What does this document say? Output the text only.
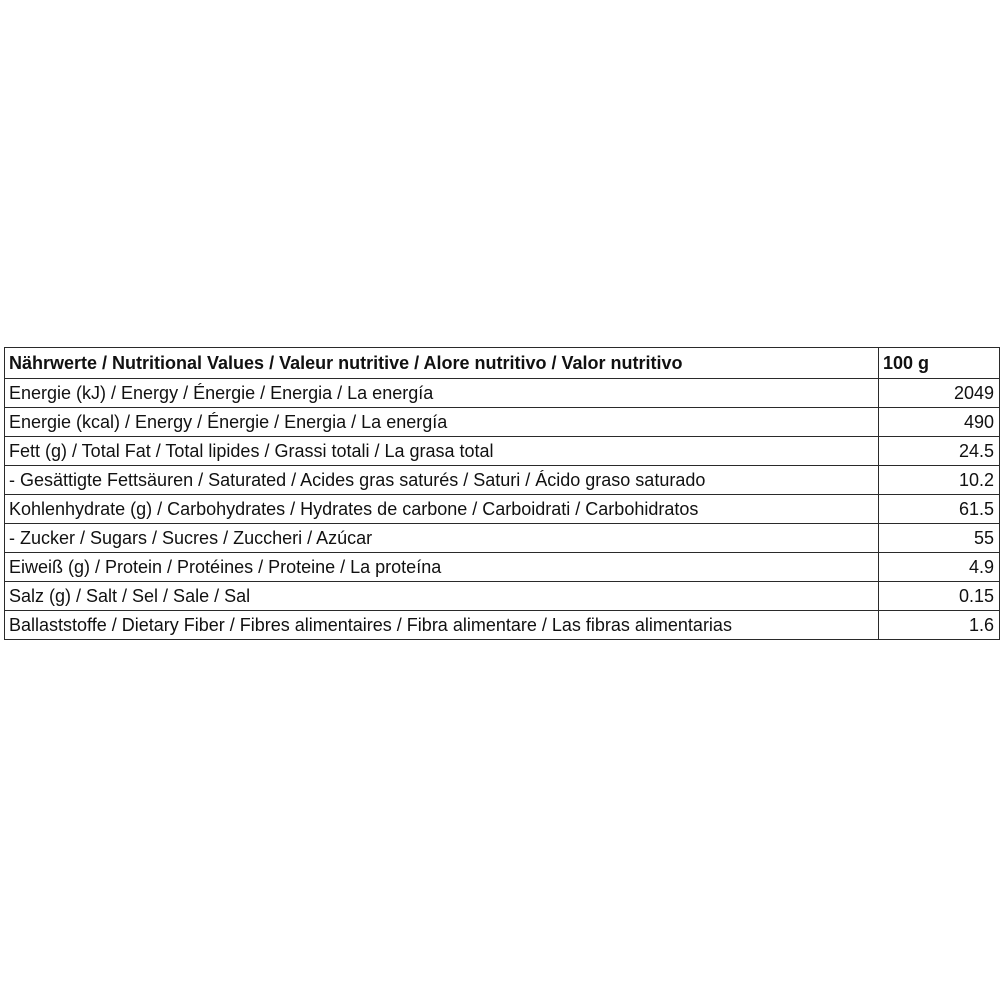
Nährwerte / Nutritional Values / Valeur nutritive / Alore nutritivo / Valor nutritivo	100 g
Energie (kJ) / Energy / Énergie / Energia / La energía	2049
Energie (kcal) / Energy / Énergie / Energia / La energía	490
Fett (g) / Total Fat / Total lipides / Grassi totali / La grasa total	24.5
- Gesättigte Fettsäuren / Saturated / Acides gras saturés / Saturi / Ácido graso saturado	10.2
Kohlenhydrate (g) / Carbohydrates / Hydrates de carbone / Carboidrati / Carbohidratos	61.5
- Zucker / Sugars / Sucres / Zuccheri / Azúcar	55
Eiweiß (g) / Protein / Protéines / Proteine / La proteína	4.9
Salz (g) / Salt / Sel / Sale / Sal	0.15
Ballaststoffe / Dietary Fiber / Fibres alimentaires / Fibra alimentare / Las fibras alimentarias	1.6
